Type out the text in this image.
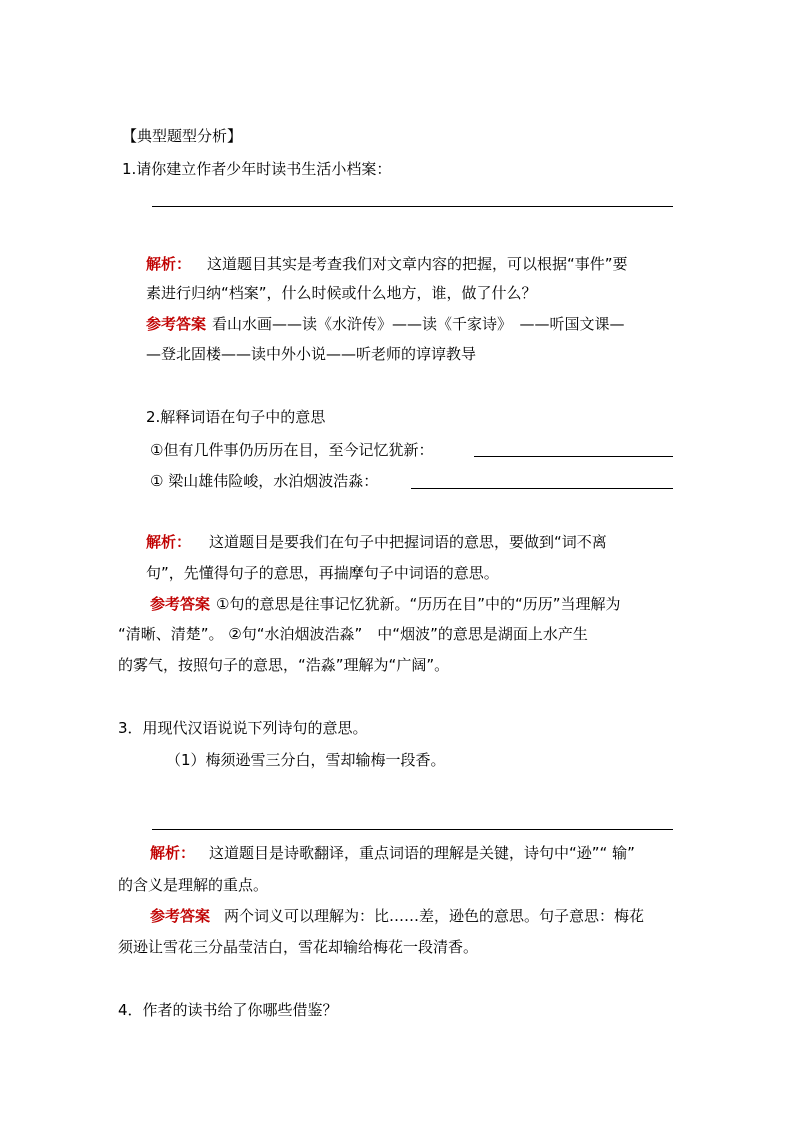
【典型题型分析】
1.请你建立作者少年时读书生活小档案：
解析： 这道题目其实是考查我们对文章内容的把握，可以根据“事件”要
素进行归纳“档案”，什么时候或什么地方，谁，做了什么？
参考答案 看山水画——读《水浒传》——读《千家诗》　——听国文课—
—登北固楼——读中外小说——听老师的谆谆教导
2.解释词语在句子中的意思
①但有几件事仍历历在目，至今记忆犹新：
① 梁山雄伟险峻，水泊烟波浩淼：
解析： 这道题目是要我们在句子中把握词语的意思，要做到“词不离
句”，先懂得句子的意思，再揣摩句子中词语的意思。
参考答案 ①句的意思是往事记忆犹新。“历历在目”中的“历历”当理解为
“清晰、清楚”。 ②句“水泊烟波浩淼”　中“烟波”的意思是湖面上水产生
的雾气，按照句子的意思，“浩淼”理解为“广阔”。
3．用现代汉语说说下列诗句的意思。
（1）梅须逊雪三分白，雪却输梅一段香。
解析： 这道题目是诗歌翻译，重点词语的理解是关键，诗句中“逊”“ 输”
的含义是理解的重点。
参考答案 两个词义可以理解为：比……差，逊色的意思。句子意思：梅花
须逊让雪花三分晶莹洁白，雪花却输给梅花一段清香。
4．作者的读书给了你哪些借鉴？
